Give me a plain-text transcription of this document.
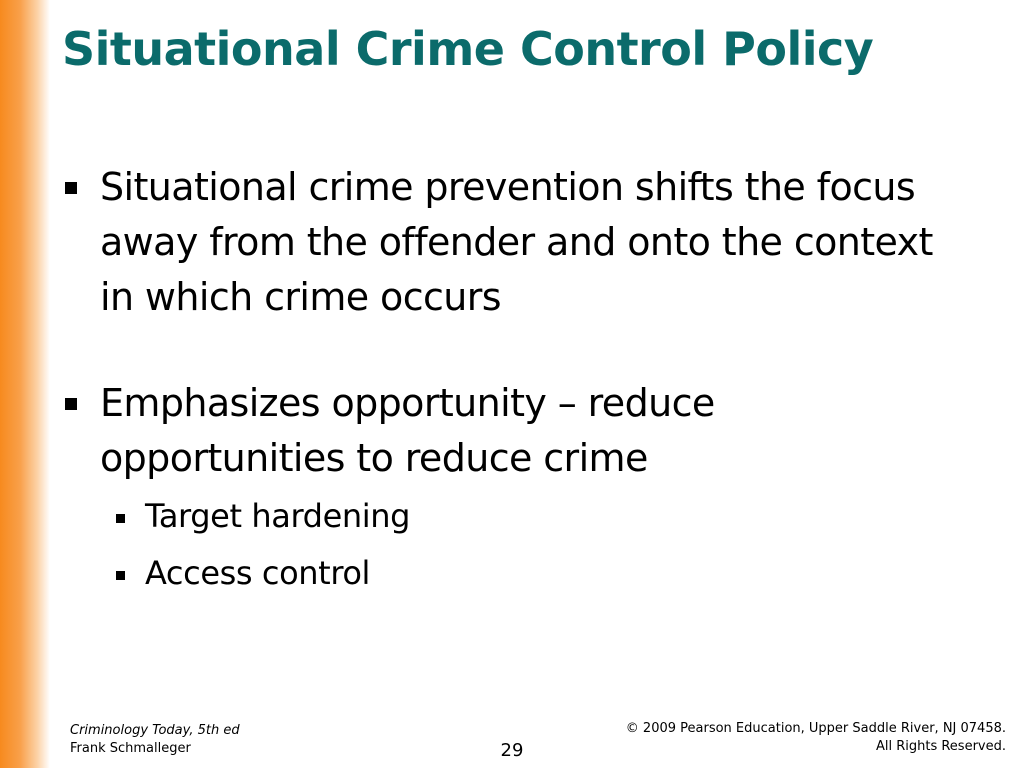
Situational Crime Control Policy
Situational crime prevention shifts the focus away from the offender and onto the context in which crime occurs
Emphasizes opportunity – reduce opportunities to reduce crime
Target hardening
Access control
Criminology Today, 5th ed
Frank Schmalleger	29
© 2009 Pearson Education, Upper Saddle River, NJ 07458.
All Rights Reserved.
